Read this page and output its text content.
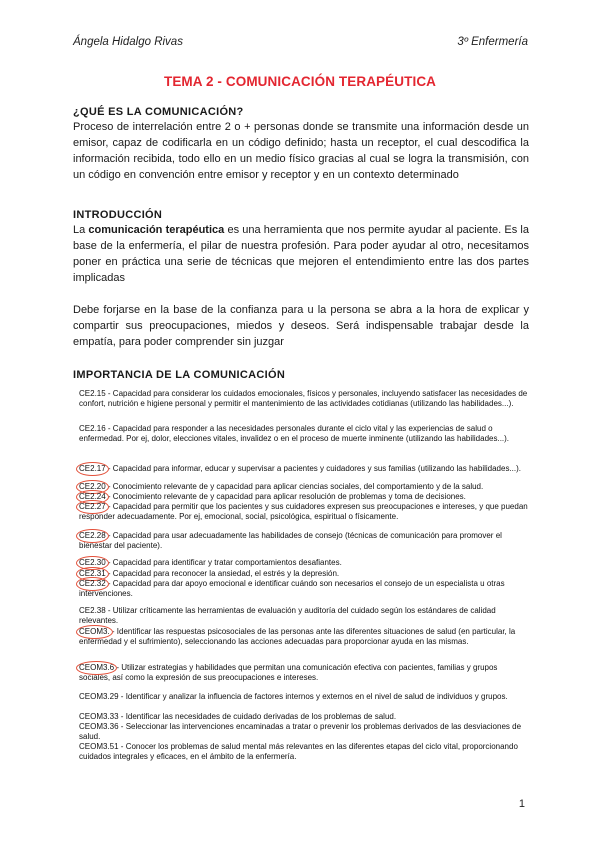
Ángela Hidalgo Rivas	3º Enfermería
TEMA 2 - COMUNICACIÓN TERAPÉUTICA
¿QUÉ ES LA COMUNICACIÓN?

Proceso de interrelación entre 2 o + personas donde se transmite una información desde un emisor, capaz de codificarla en un código definido; hasta un receptor, el cual descodifica la información recibida, todo ello en un medio físico gracias al cual se logra la transmisión, con un código en convención entre emisor y receptor y en un contexto determinado

INTRODUCCIÓN

La comunicación terapéutica es una herramienta que nos permite ayudar al paciente. Es la base de la enfermería, el pilar de nuestra profesión. Para poder ayudar al otro, necesitamos poner en práctica una serie de técnicas que mejoren el entendimiento entre las dos partes implicadas

Debe forjarse en la base de la confianza para u la persona se abra a la hora de explicar y compartir sus preocupaciones, miedos y deseos. Será indispensable trabajar desde la empatía, para poder comprender sin juzgar

IMPORTANCIA DE LA COMUNICACIÓN
CE2.15 - Capacidad para considerar los cuidados emocionales, físicos y personales, incluyendo satisfacer las necesidades de confort, nutrición e higiene personal y permitir el mantenimiento de las actividades cotidianas (utilizando las habilidades...).
CE2.16 - Capacidad para responder a las necesidades personales durante el ciclo vital y las experiencias de salud o enfermedad. Por ej, dolor, elecciones vitales, invalidez o en el proceso de muerte inminente (utilizando las habilidades...).
CE2.17 - Capacidad para informar, educar y supervisar a pacientes y cuidadores y sus familias (utilizando las habilidades...).
CE2.20 - Conocimiento relevante de y capacidad para aplicar ciencias sociales, del comportamiento y de la salud.
CE2.24 - Conocimiento relevante de y capacidad para aplicar resolución de problemas y toma de decisiones.
CE2.27 - Capacidad para permitir que los pacientes y sus cuidadores expresen sus preocupaciones e intereses, y que puedan responder adecuadamente. Por ej, emocional, social, psicológica, espiritual o físicamente.
CE2.28 - Capacidad para usar adecuadamente las habilidades de consejo (técnicas de comunicación para promover el bienestar del paciente).
CE2.30 - Capacidad para identificar y tratar comportamientos desafiantes.
CE2.31 - Capacidad para reconocer la ansiedad, el estrés y la depresión.
CE2.32 - Capacidad para dar apoyo emocional e identificar cuándo son necesarios el consejo de un especialista u otras intervenciones.
CE2.38 - Utilizar críticamente las herramientas de evaluación y auditoría del cuidado según los estándares de calidad relevantes.
CEOM3. - Identificar las respuestas psicosociales de las personas ante las diferentes situaciones de salud (en particular, la enfermedad y el sufrimiento), seleccionando las acciones adecuadas para proporcionar ayuda en las mismas.
CEOM3.6 - Utilizar estrategias y habilidades que permitan una comunicación efectiva con pacientes, familias y grupos sociales, así como la expresión de sus preocupaciones e intereses.
CEOM3.29 - Identificar y analizar la influencia de factores internos y externos en el nivel de salud de individuos y grupos.
CEOM3.33 - Identificar las necesidades de cuidado derivadas de los problemas de salud.
CEOM3.36 - Seleccionar las intervenciones encaminadas a tratar o prevenir los problemas derivados de las desviaciones de salud.
CEOM3.51 - Conocer los problemas de salud mental más relevantes en las diferentes etapas del ciclo vital, proporcionando cuidados integrales y eficaces, en el ámbito de la enfermería.
1
